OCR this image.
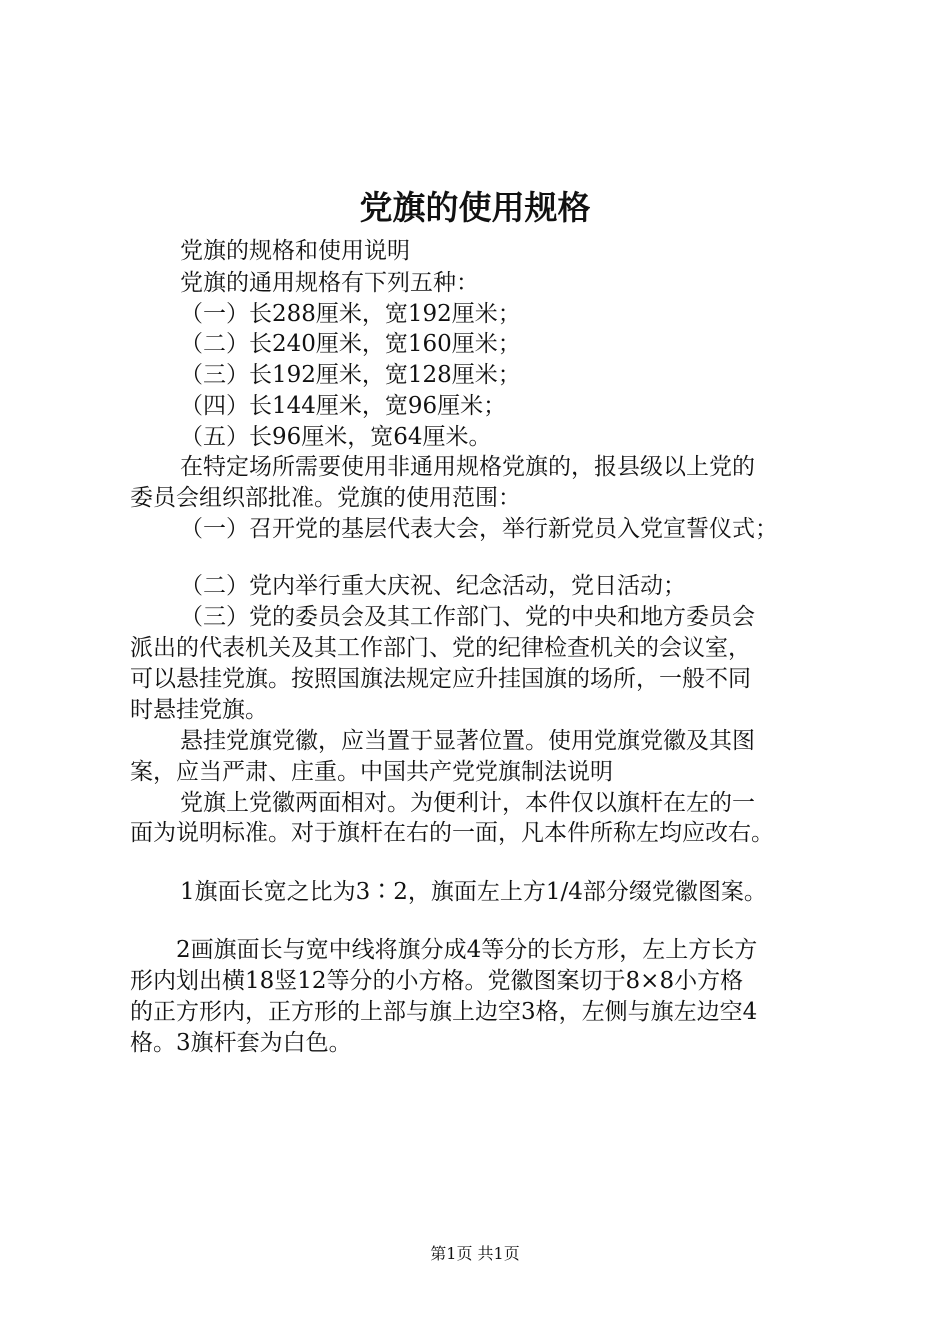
党旗的使用规格

党旗的规格和使用说明

党旗的通用规格有下列五种：

（一）长288厘米，宽192厘米；

（二）长240厘米，宽160厘米；

（三）长192厘米，宽128厘米；

（四）长144厘米，宽96厘米；

（五）长96厘米，宽64厘米。

在特定场所需要使用非通用规格党旗的，报县级以上党的

委员会组织部批准。党旗的使用范围：

（一）召开党的基层代表大会，举行新党员入党宣誓仪式；

（二）党内举行重大庆祝、纪念活动，党日活动；

（三）党的委员会及其工作部门、党的中央和地方委员会

派出的代表机关及其工作部门、党的纪律检查机关的会议室，

可以悬挂党旗。按照国旗法规定应升挂国旗的场所，一般不同

时悬挂党旗。

悬挂党旗党徽，应当置于显著位置。使用党旗党徽及其图

案，应当严肃、庄重。中国共产党党旗制法说明

党旗上党徽两面相对。为便利计，本件仅以旗杆在左的一

面为说明标准。对于旗杆在右的一面，凡本件所称左均应改右。

1旗面长宽之比为3∶2，旗面左上方1/4部分缀党徽图案。

2画旗面长与宽中线将旗分成4等分的长方形，左上方长方

形内划出横18竖12等分的小方格。党徽图案切于8×8小方格

的正方形内，正方形的上部与旗上边空3格，左侧与旗左边空4

格。3旗杆套为白色。

第1页 共1页
